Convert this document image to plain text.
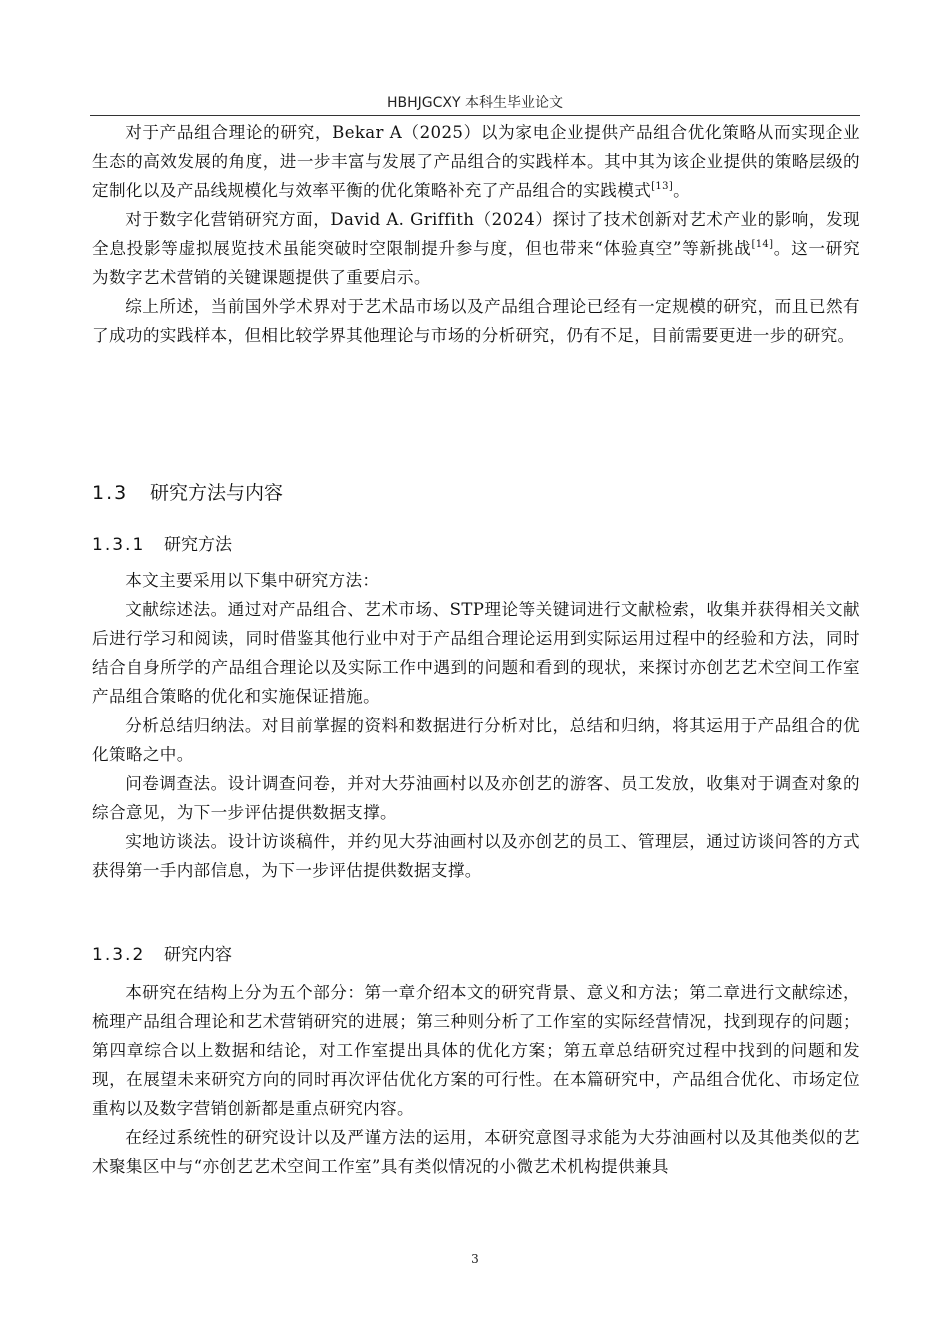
HBHJGCXY 本科生毕业论文

对于产品组合理论的研究，Bekar A（2025）以为家电企业提供产品组合优化策略从而实现企业生态的高效发展的角度，进一步丰富与发展了产品组合的实践样本。其中其为该企业提供的策略层级的定制化以及产品线规模化与效率平衡的优化策略补充了产品组合的实践模式[13]。

对于数字化营销研究方面，David A. Griffith（2024）探讨了技术创新对艺术产业的影响，发现全息投影等虚拟展览技术虽能突破时空限制提升参与度，但也带来“体验真空”等新挑战[14]。这一研究为数字艺术营销的关键课题提供了重要启示。

综上所述，当前国外学术界对于艺术品市场以及产品组合理论已经有一定规模的研究，而且已然有了成功的实践样本，但相比较学界其他理论与市场的分析研究，仍有不足，目前需要更进一步的研究。

1.3 研究方法与内容
1.3.1 研究方法

本文主要采用以下集中研究方法：

文献综述法。通过对产品组合、艺术市场、STP理论等关键词进行文献检索，收集并获得相关文献后进行学习和阅读，同时借鉴其他行业中对于产品组合理论运用到实际运用过程中的经验和方法，同时结合自身所学的产品组合理论以及实际工作中遇到的问题和看到的现状，来探讨亦创艺艺术空间工作室产品组合策略的优化和实施保证措施。

分析总结归纳法。对目前掌握的资料和数据进行分析对比，总结和归纳，将其运用于产品组合的优化策略之中。

问卷调查法。设计调查问卷，并对大芬油画村以及亦创艺的游客、员工发放，收集对于调查对象的综合意见，为下一步评估提供数据支撑。

实地访谈法。设计访谈稿件，并约见大芬油画村以及亦创艺的员工、管理层，通过访谈问答的方式获得第一手内部信息，为下一步评估提供数据支撑。

1.3.2 研究内容

本研究在结构上分为五个部分：第一章介绍本文的研究背景、意义和方法；第二章进行文献综述，梳理产品组合理论和艺术营销研究的进展；第三种则分析了工作室的实际经营情况，找到现存的问题；第四章综合以上数据和结论，对工作室提出具体的优化方案；第五章总结研究过程中找到的问题和发现，在展望未来研究方向的同时再次评估优化方案的可行性。在本篇研究中，产品组合优化、市场定位重构以及数字营销创新都是重点研究内容。

在经过系统性的研究设计以及严谨方法的运用，本研究意图寻求能为大芬油画村以及其他类似的艺术聚集区中与“亦创艺艺术空间工作室”具有类似情况的小微艺术机构提供兼具

3
